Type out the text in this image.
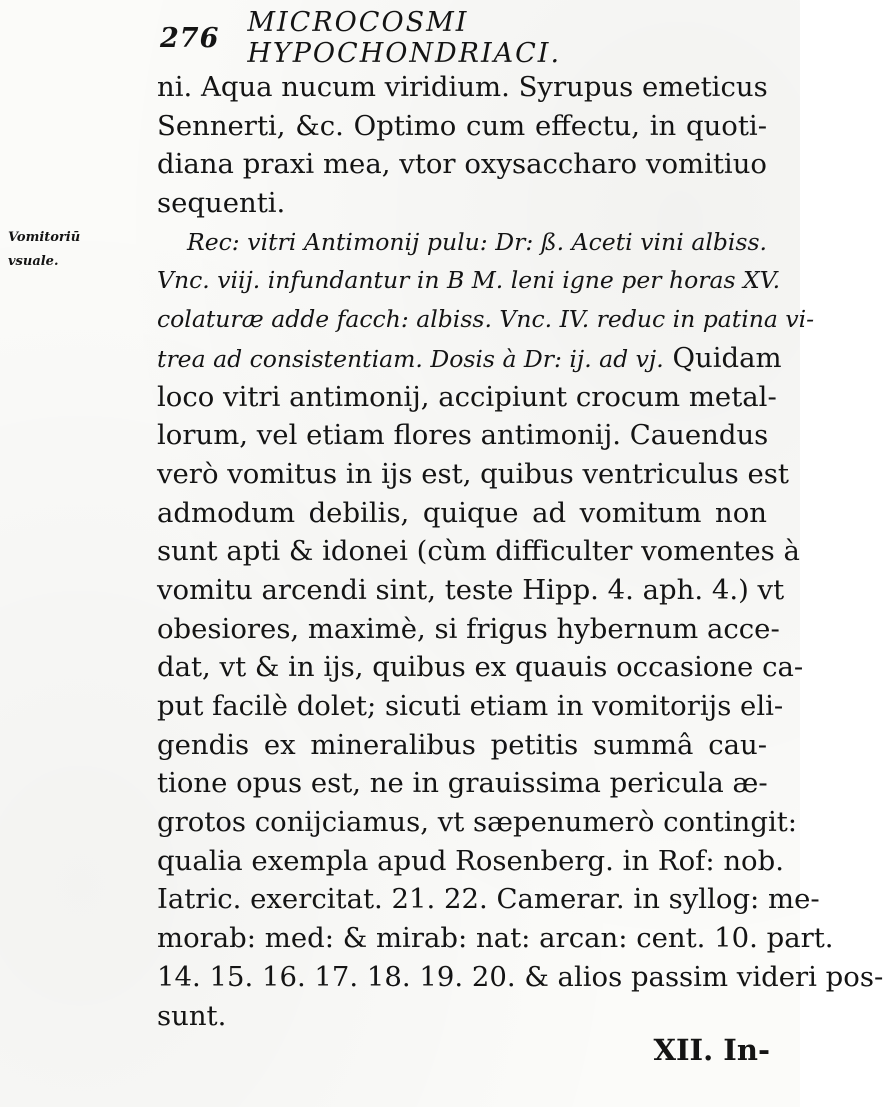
276 MICROCOSMI HYPOCHONDRIACI.
Vomitoriū
vsuale.
ni. Aqua nucum viridium. Syrupus emeticus
Sennerti, &c. Optimo cum effectu, in quoti-
diana praxi mea, vtor oxysaccharo vomitiuo
sequenti.
Rec: vitri Antimonij pulu: Dr: ß. Aceti vini albiss.
Vnc. viij. infundantur in B M. leni igne per horas XV.
colaturæ adde facch: albiss. Vnc. IV. reduc in patina vi-
trea ad consistentiam. Dosis à Dr: ij. ad vj. Quidam
loco vitri antimonij, accipiunt crocum metal-
lorum, vel etiam flores antimonij. Cauendus
verò vomitus in ijs est, quibus ventriculus est
admodum debilis, quique ad vomitum non
sunt apti & idonei (cùm difficulter vomentes à
vomitu arcendi sint, teste Hipp. 4. aph. 4.) vt
obesiores, maximè, si frigus hybernum acce-
dat, vt & in ijs, quibus ex quauis occasione ca-
put facilè dolet; sicuti etiam in vomitorijs eli-
gendis ex mineralibus petitis summâ cau-
tione opus est, ne in grauissima pericula æ-
grotos conijciamus, vt sæpenumerò contingit:
qualia exempla apud Rosenberg. in Rof: nob.
Iatric. exercitat. 21. 22. Camerar. in syllog: me-
morab: med: & mirab: nat: arcan: cent. 10. part.
14. 15. 16. 17. 18. 19. 20. & alios passim videri pos-
sunt.
XII. In-
